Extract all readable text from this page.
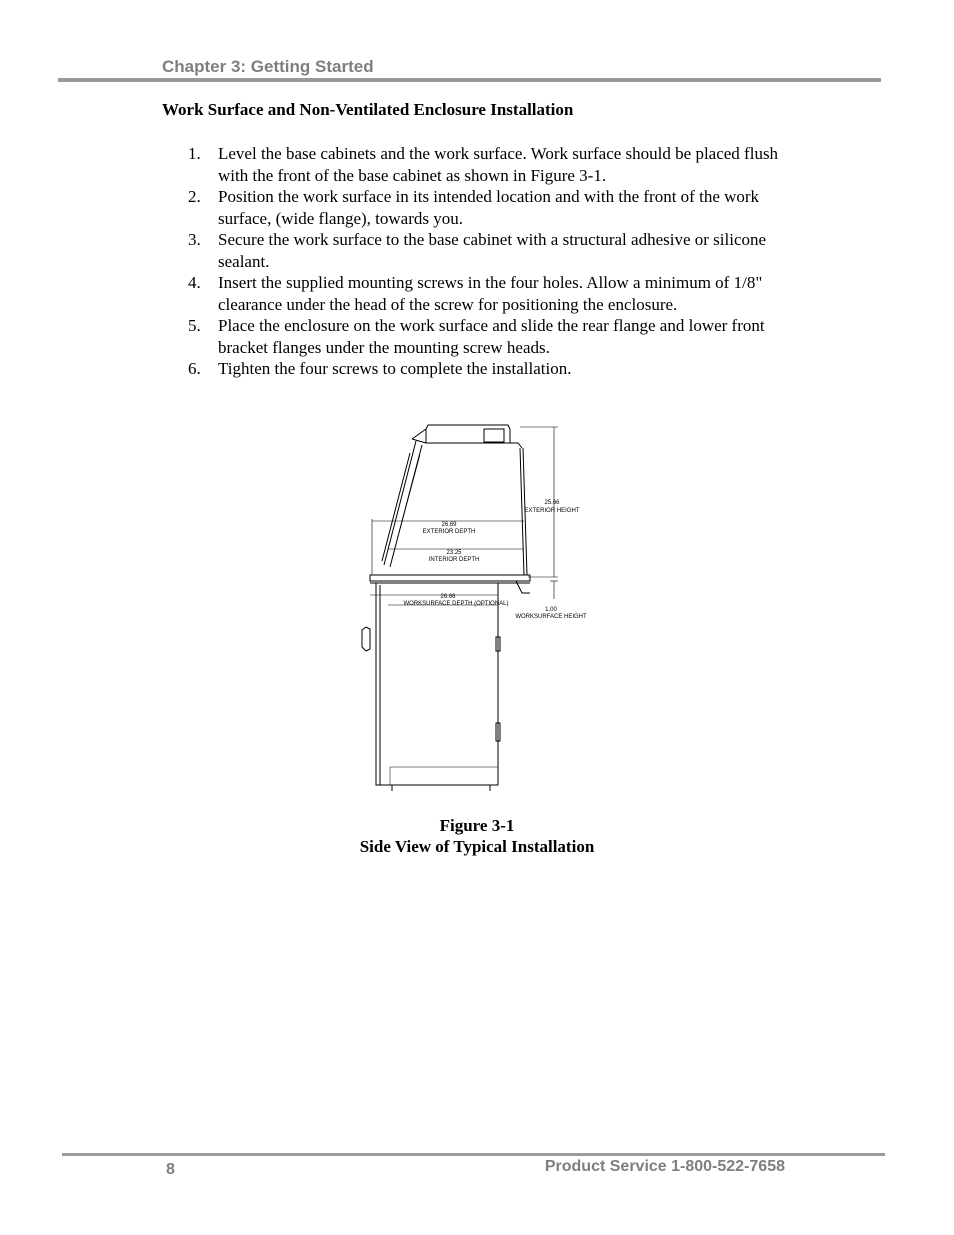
Chapter 3: Getting Started
Work Surface and Non-Ventilated Enclosure Installation
1. Level the base cabinets and the work surface. Work surface should be placed flush with the front of the base cabinet as shown in Figure 3-1.
2. Position the work surface in its intended location and with the front of the work surface, (wide flange), towards you.
3. Secure the work surface to the base cabinet with a structural adhesive or silicone sealant.
4. Insert the supplied mounting screws in the four holes. Allow a minimum of 1/8" clearance under the head of the screw for positioning the enclosure.
5. Place the enclosure on the work surface and slide the rear flange and lower front bracket flanges under the mounting screw heads.
6. Tighten the four screws to complete the installation.
25.66
EXTERIOR HEIGHT
26.69
EXTERIOR DEPTH
23.25
INTERIOR DEPTH
26.66
WORKSURFACE DEPTH (OPTIONAL)
1.00
WORKSURFACE HEIGHT
Figure 3-1
Side View of Typical Installation
8	Product Service 1-800-522-7658
